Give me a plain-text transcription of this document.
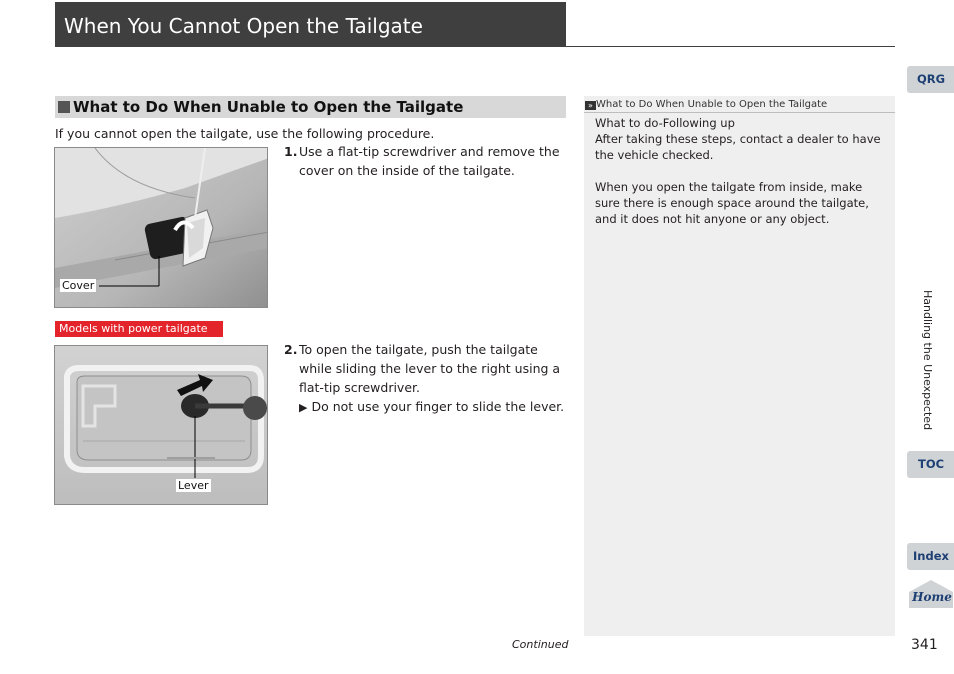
When You Cannot Open the Tailgate
What to Do When Unable to Open the Tailgate
If you cannot open the tailgate, use the following procedure.
Cover
1. Use a flat-tip screwdriver and remove the cover on the inside of the tailgate.
Models with power tailgate
Lever
2. To open the tailgate, push the tailgate while sliding the lever to the right using a flat-tip screwdriver.
▶ Do not use your finger to slide the lever.
» What to Do When Unable to Open the Tailgate

What to do-Following up

After taking these steps, contact a dealer to have the vehicle checked.

When you open the tailgate from inside, make sure there is enough space around the tailgate, and it does not hit anyone or any object.

QRG
Handling the Unexpected
TOC
Index
Home
Continued	341
